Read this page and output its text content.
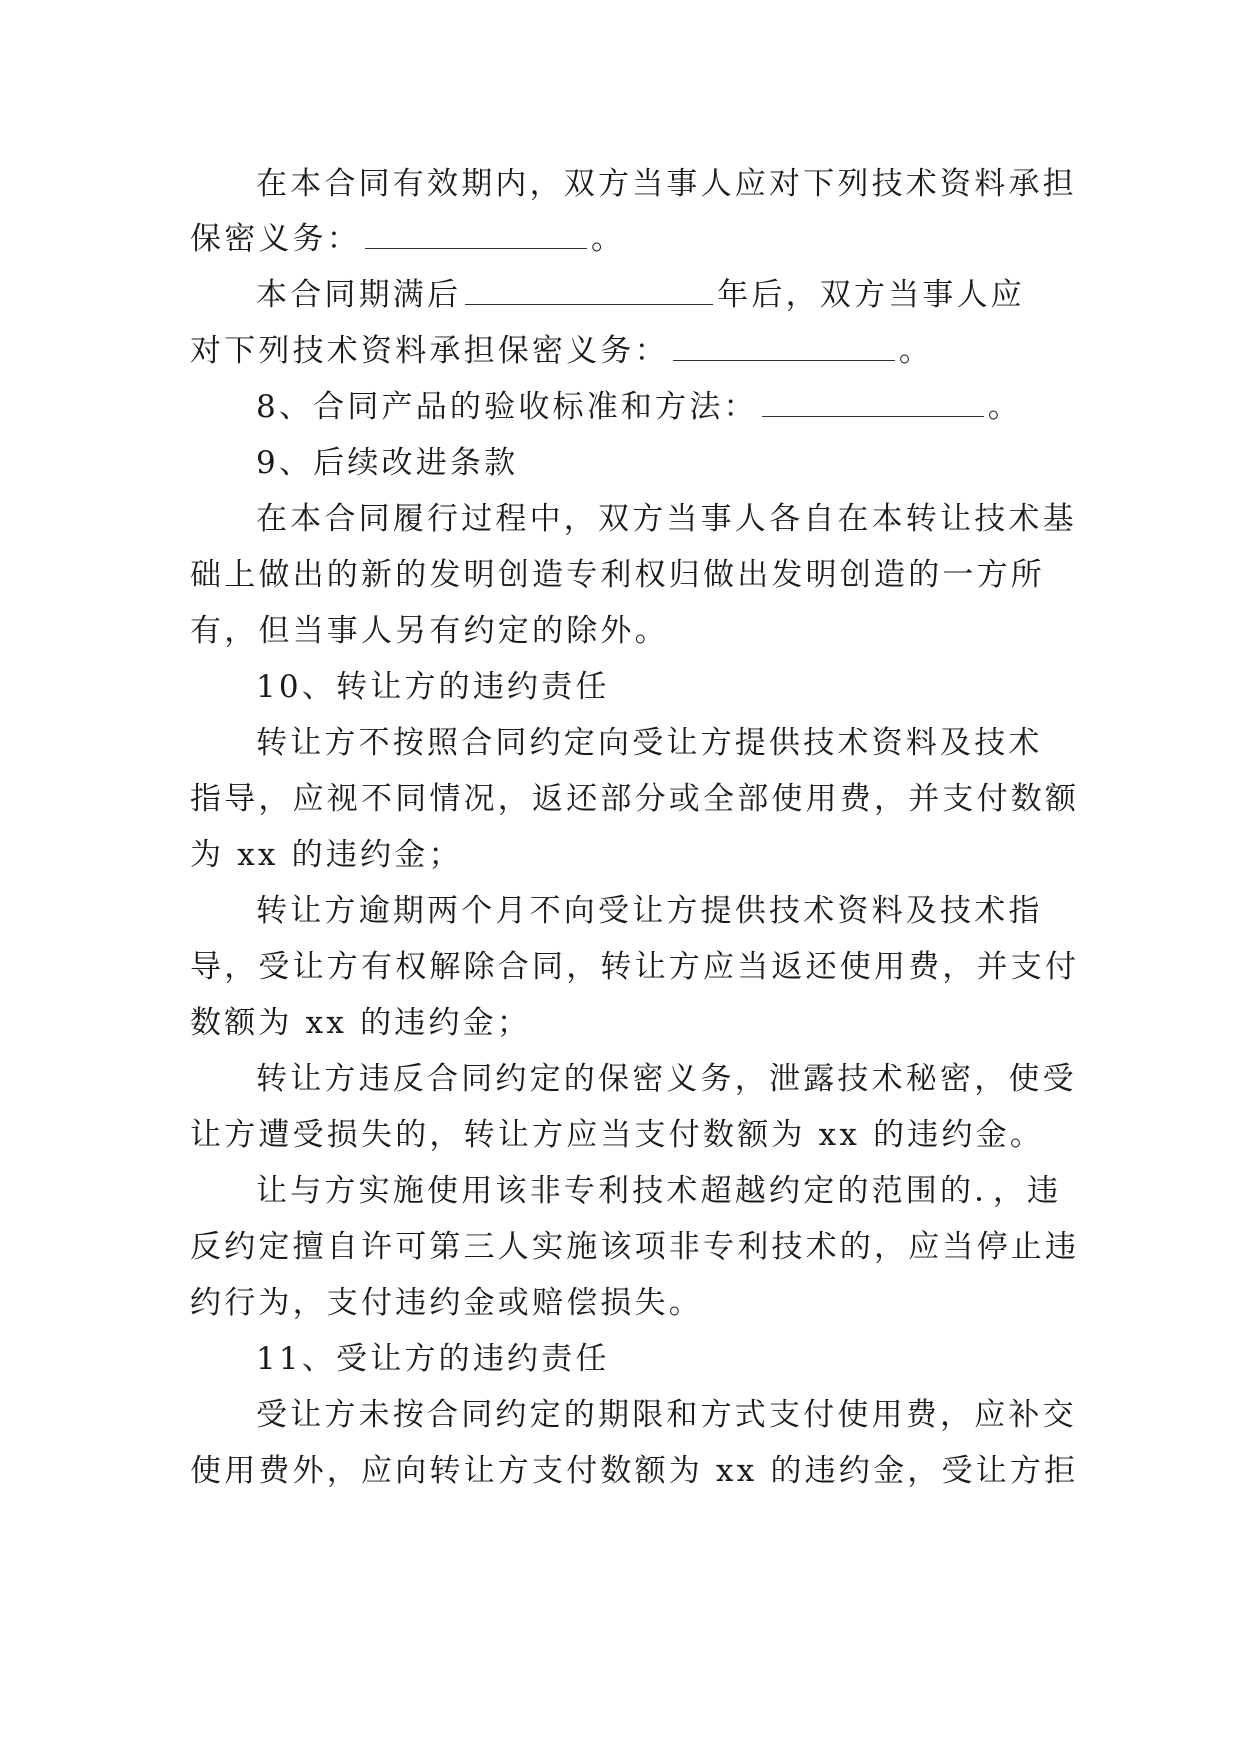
在本合同有效期内，双方当事人应对下列技术资料承担
保密义务：	。
本合同期满后	年后，双方当事人应
对下列技术资料承担保密义务：	。
8、合同产品的验收标准和方法：	。
9、后续改进条款
在本合同履行过程中，双方当事人各自在本转让技术基
础上做出的新的发明创造专利权归做出发明创造的一方所
有，但当事人另有约定的除外。
10、转让方的违约责任
转让方不按照合同约定向受让方提供技术资料及技术
指导，应视不同情况，返还部分或全部使用费，并支付数额
为 xx 的违约金；
转让方逾期两个月不向受让方提供技术资料及技术指
导，受让方有权解除合同，转让方应当返还使用费，并支付
数额为 xx 的违约金；
转让方违反合同约定的保密义务，泄露技术秘密，使受
让方遭受损失的，转让方应当支付数额为 xx 的违约金。
让与方实施使用该非专利技术超越约定的范围的．，违
反约定擅自许可第三人实施该项非专利技术的，应当停止违
约行为，支付违约金或赔偿损失。
11、受让方的违约责任
受让方未按合同约定的期限和方式支付使用费，应补交
使用费外，应向转让方支付数额为 xx 的违约金，受让方拒
